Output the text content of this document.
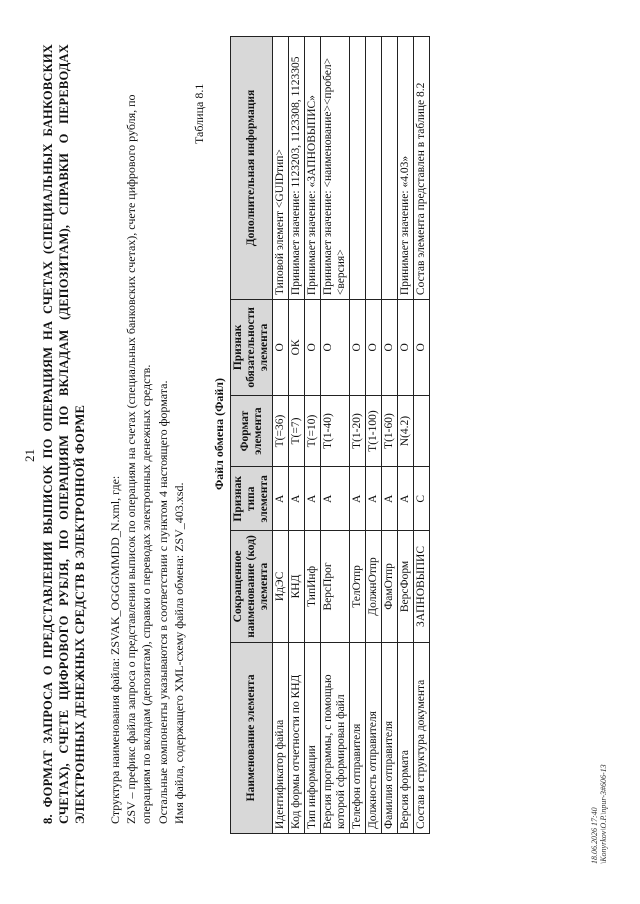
21 8. ФОРМАТ ЗАПРОСА О ПРЕДСТАВЛЕНИИ ВЫПИСОК ПО ОПЕРАЦИЯМ НА СЧЕТАХ (СПЕЦИАЛЬНЫХ БАНКОВСКИХ СЧЕТАХ), СЧЕТЕ ЦИФРОВОГО РУБЛЯ, ПО ОПЕРАЦИЯМ ПО ВКЛАДАМ (ДЕПОЗИТАМ), СПРАВКИ О ПЕРЕВОДАХ ЭЛЕКТРОННЫХ ДЕНЕЖНЫХ СРЕДСТВ В ЭЛЕКТРОННОЙ ФОРМЕ Структура наименования файла: ZSVAK_OGGGMMDD_N.xml, где: ZSV – префикс файла запроса о представлении выписок по операциям на счетах (специальных банковских счетах), счете цифрового рубля, по операциям по вкладам (депозитам), справки о переводах электронных денежных средств. Остальные компоненты указываются в соответствии с пунктом 4 настоящего формата. Имя файла, содержащего XML-схему файла обмена: ZSV_403.xsd.
Таблица 8.1
Файл обмена (Файл)
Наименование элемента	Сокращенное наименование (код) элемента	Признак типа элемента	Формат элемента	Признак обязательности элемента	Дополнительная информация
Идентификатор файла	ИдЭС	A	T(=36)	O	Типовой элемент <GUIDтип>
Код формы отчетности по КНД	КНД	A	T(=7)	ОК	Принимает значение: 1123203, 1123308, 1123305
Тип информации	ТипИнф	A	T(=10)	O	Принимает значение: «ЗАПНОВЫПИС»
Версия программы, с помощью которой сформирован файл	ВерсПрог	A	T(1-40)	O	Принимает значение: <наименование><пробел><версия>
Телефон отправителя	ТелОтпр	A	T(1-20)	O	
Должность отправителя	ДолжнОтпр	A	T(1-100)	O	
Фамилия отправителя	ФамОтпр	A	T(1-60)	O	
Версия формата	ВерсФорм	A	N(4.2)	O	Принимает значение: «4.03»
Состав и структура документа	ЗАПНОВЫПИС	C		O	Состав элемента представлен в таблице 8.2
18.06.2026 17:40 \Konyrkov\O.P.\npur-3#606-13
